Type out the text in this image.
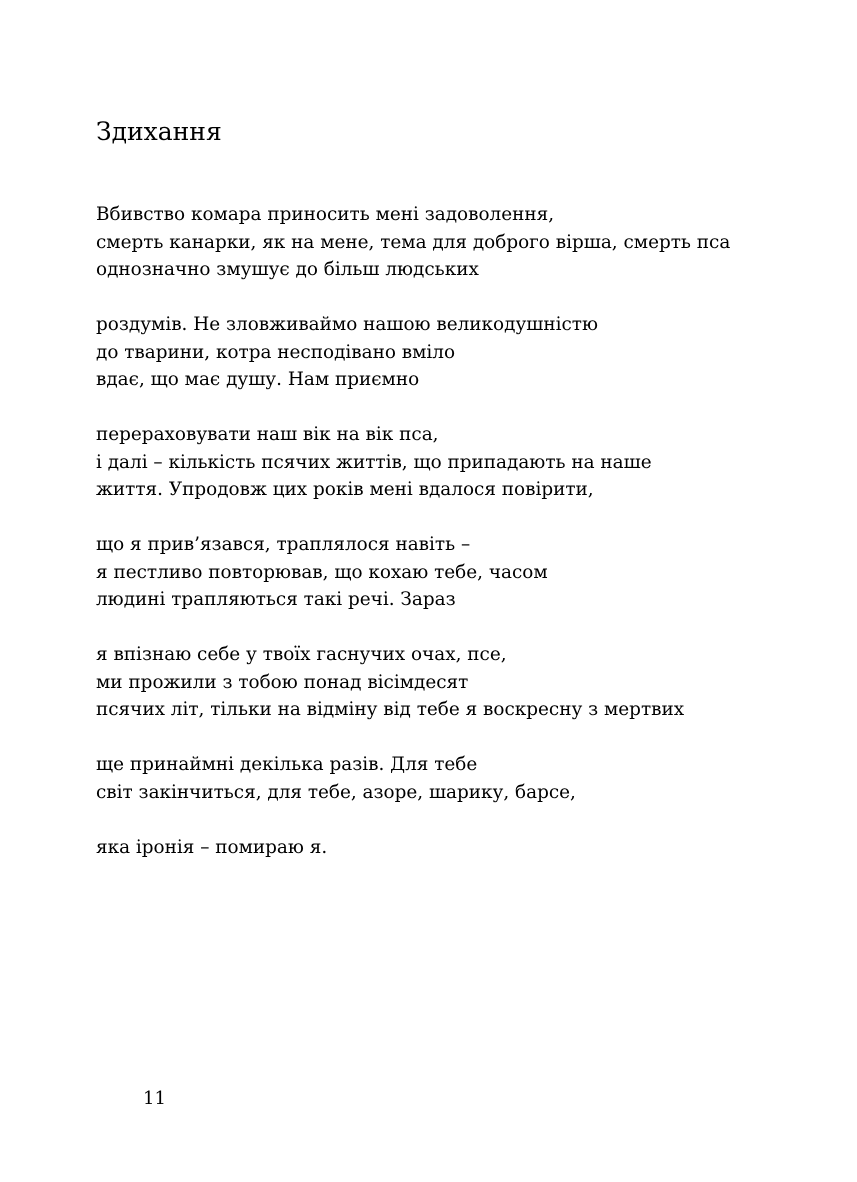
Здихання
Вбивство комара приносить мені задоволення,
смерть канарки, як на мене, тема для доброго вірша, смерть пса
однозначно змушує до більш людських
роздумів. Не зловживаймо нашою великодушністю
до тварини, котра несподівано вміло
вдає, що має душу. Нам приємно
перераховувати наш вік на вік пса,
і далі – кількість псячих життів, що припадають на наше
життя. Упродовж цих років мені вдалося повірити,
що я прив’язався, траплялося навіть –
я пестливо повторював, що кохаю тебе, часом
людині трапляються такі речі. Зараз
я впізнаю себе у твоїх гаснучих очах, псе,
ми прожили з тобою понад вісімдесят
псячих літ, тільки на відміну від тебе я воскресну з мертвих
ще принаймні декілька разів. Для тебе
світ закінчиться, для тебе, азоре, шарику, барсе,
яка іронія – помираю я.
11
